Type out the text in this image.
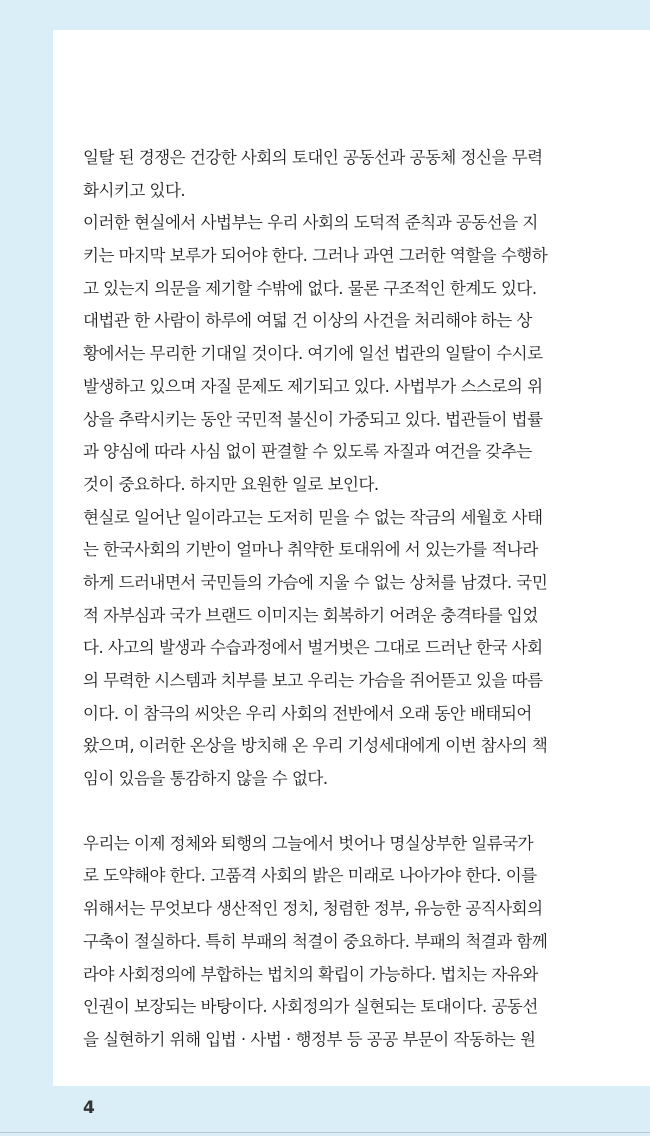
일탈 된 경쟁은 건강한 사회의 토대인 공동선과 공동체 정신을 무력
화시키고 있다.

이러한 현실에서 사법부는 우리 사회의 도덕적 준칙과 공동선을 지
키는 마지막 보루가 되어야 한다. 그러나 과연 그러한 역할을 수행하
고 있는지 의문을 제기할 수밖에 없다. 물론 구조적인 한계도 있다.
대법관 한 사람이 하루에 여덟 건 이상의 사건을 처리해야 하는 상
황에서는 무리한 기대일 것이다. 여기에 일선 법관의 일탈이 수시로
발생하고 있으며 자질 문제도 제기되고 있다. 사법부가 스스로의 위
상을 추락시키는 동안 국민적 불신이 가중되고 있다. 법관들이 법률
과 양심에 따라 사심 없이 판결할 수 있도록 자질과 여건을 갖추는
것이 중요하다. 하지만 요원한 일로 보인다.

현실로 일어난 일이라고는 도저히 믿을 수 없는 작금의 세월호 사태
는 한국사회의 기반이 얼마나 취약한 토대위에 서 있는가를 적나라
하게 드러내면서 국민들의 가슴에 지울 수 없는 상처를 남겼다. 국민
적 자부심과 국가 브랜드 이미지는 회복하기 어려운 충격타를 입었
다. 사고의 발생과 수습과정에서 벌거벗은 그대로 드러난 한국 사회
의 무력한 시스템과 치부를 보고 우리는 가슴을 쥐어뜯고 있을 따름
이다. 이 참극의 씨앗은 우리 사회의 전반에서 오래 동안 배태되어
왔으며, 이러한 온상을 방치해 온 우리 기성세대에게 이번 참사의 책
임이 있음을 통감하지 않을 수 없다.

우리는 이제 정체와 퇴행의 그늘에서 벗어나 명실상부한 일류국가
로 도약해야 한다. 고품격 사회의 밝은 미래로 나아가야 한다. 이를
위해서는 무엇보다 생산적인 정치, 청렴한 정부, 유능한 공직사회의
구축이 절실하다. 특히 부패의 척결이 중요하다. 부패의 척결과 함께
라야 사회정의에 부합하는 법치의 확립이 가능하다. 법치는 자유와
인권이 보장되는 바탕이다. 사회정의가 실현되는 토대이다. 공동선
을 실현하기 위해 입법 · 사법 · 행정부 등 공공 부문이 작동하는 원

4
